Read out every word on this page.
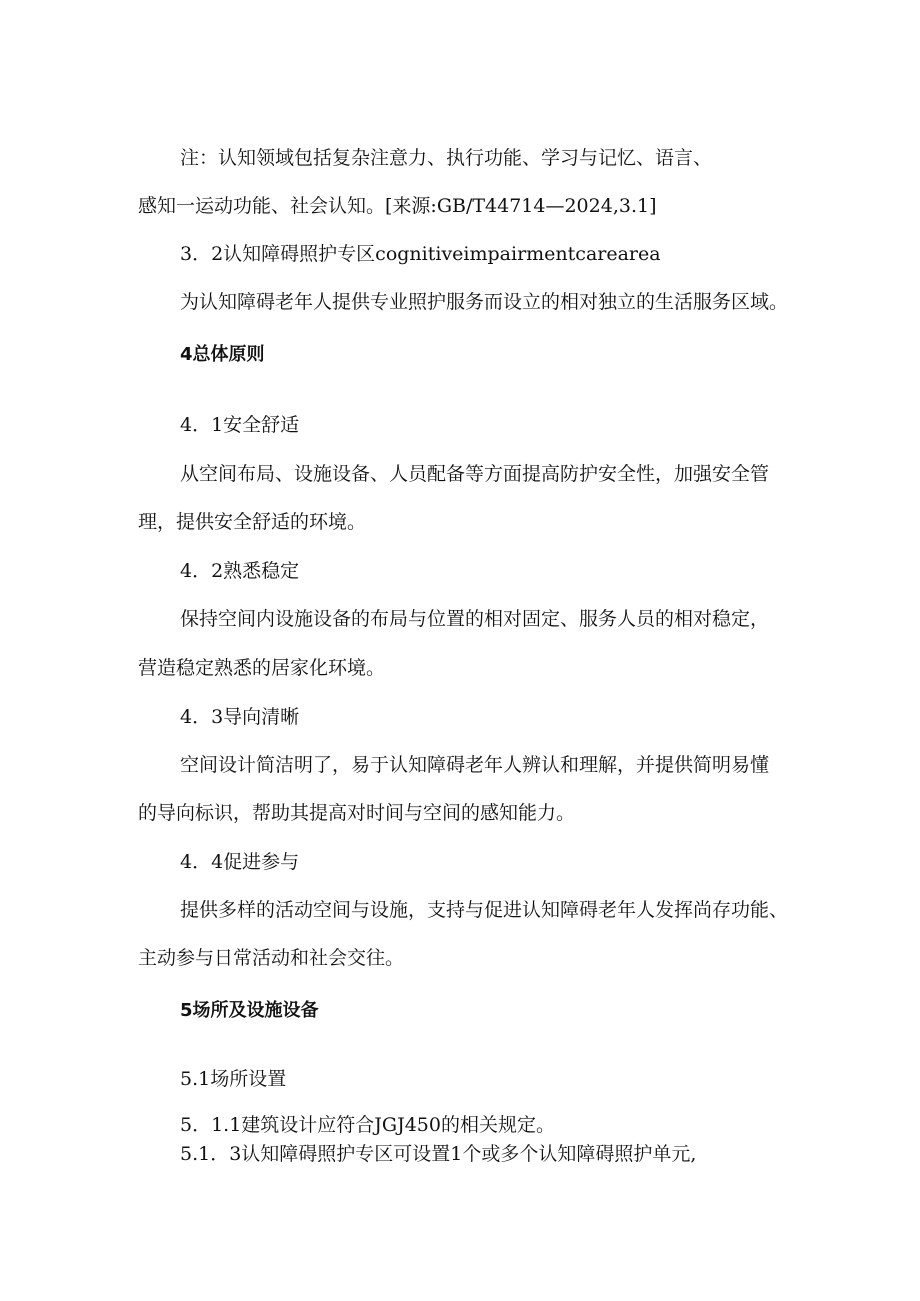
注：认知领域包括复杂注意力、执行功能、学习与记忆、语言、
感知一运动功能、社会认知。[来源:GB/T44714—2024,3.1]
3．2认知障碍照护专区cognitiveimpairmentcarearea
为认知障碍老年人提供专业照护服务而设立的相对独立的生活服务区域。
4总体原则
4．1安全舒适
从空间布局、设施设备、人员配备等方面提高防护安全性，加强安全管
理，提供安全舒适的环境。
4．2熟悉稳定
保持空间内设施设备的布局与位置的相对固定、服务人员的相对稳定，
营造稳定熟悉的居家化环境。
4．3导向清晰
空间设计简洁明了，易于认知障碍老年人辨认和理解，并提供简明易懂
的导向标识，帮助其提高对时间与空间的感知能力。
4．4促进参与
提供多样的活动空间与设施，支持与促进认知障碍老年人发挥尚存功能、
主动参与日常活动和社会交往。
5场所及设施设备
5.1场所设置
5．1.1建筑设计应符合JGJ450的相关规定。
5.1．3认知障碍照护专区可设置1个或多个认知障碍照护单元,
